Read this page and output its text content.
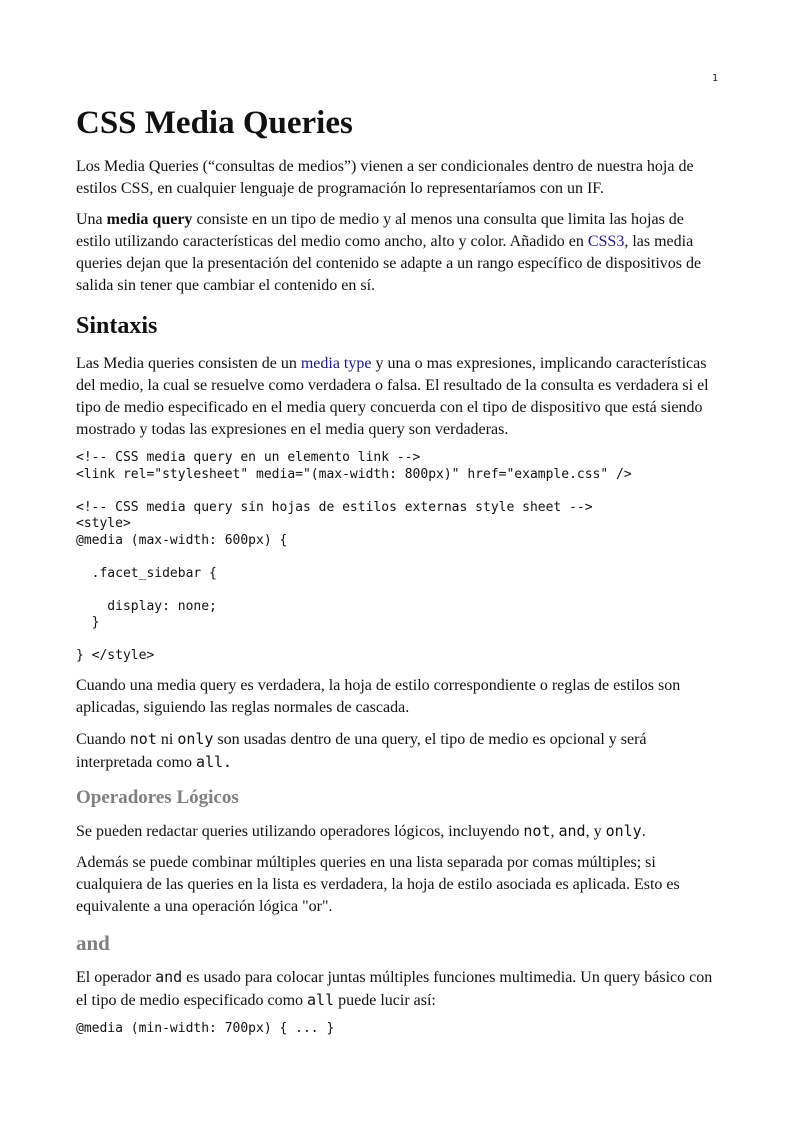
1
CSS Media Queries

Los Media Queries (“consultas de medios”) vienen a ser condicionales dentro de nuestra hoja de estilos CSS, en cualquier lenguaje de programación lo representaríamos con un IF.

Una media query consiste en un tipo de medio y al menos una consulta que limita las hojas de estilo utilizando características del medio como ancho, alto y color. Añadido en CSS3, las media queries dejan que la presentación del contenido se adapte a un rango específico de dispositivos de salida sin tener que cambiar el contenido en sí.

Sintaxis

Las Media queries consisten de un media type y una o mas expresiones, implicando características del medio, la cual se resuelve como verdadera o falsa. El resultado de la consulta es verdadera si el tipo de medio especificado en el media query concuerda con el tipo de dispositivo que está siendo mostrado y todas las expresiones en el media query son verdaderas.

<!-- CSS media query en un elemento link -->
<link rel="stylesheet" media="(max-width: 800px)" href="example.css" />

<!-- CSS media query sin hojas de estilos externas style sheet -->
<style>
@media (max-width: 600px) {

.facet_sidebar {

display: none;
}

} </style>

Cuando una media query es verdadera, la hoja de estilo correspondiente o reglas de estilos son aplicadas, siguiendo las reglas normales de cascada.

Cuando not ni only son usadas dentro de una query, el tipo de medio es opcional y será interpretada como all.

Operadores Lógicos

Se pueden redactar queries utilizando operadores lógicos, incluyendo not, and, y only.

Además se puede combinar múltiples queries en una lista separada por comas múltiples; si cualquiera de las queries en la lista es verdadera, la hoja de estilo asociada es aplicada. Esto es equivalente a una operación lógica "or".

and

El operador and es usado para colocar juntas múltiples funciones multimedia. Un query básico con el tipo de medio especificado como all puede lucir así:

@media (min-width: 700px) { ... }
